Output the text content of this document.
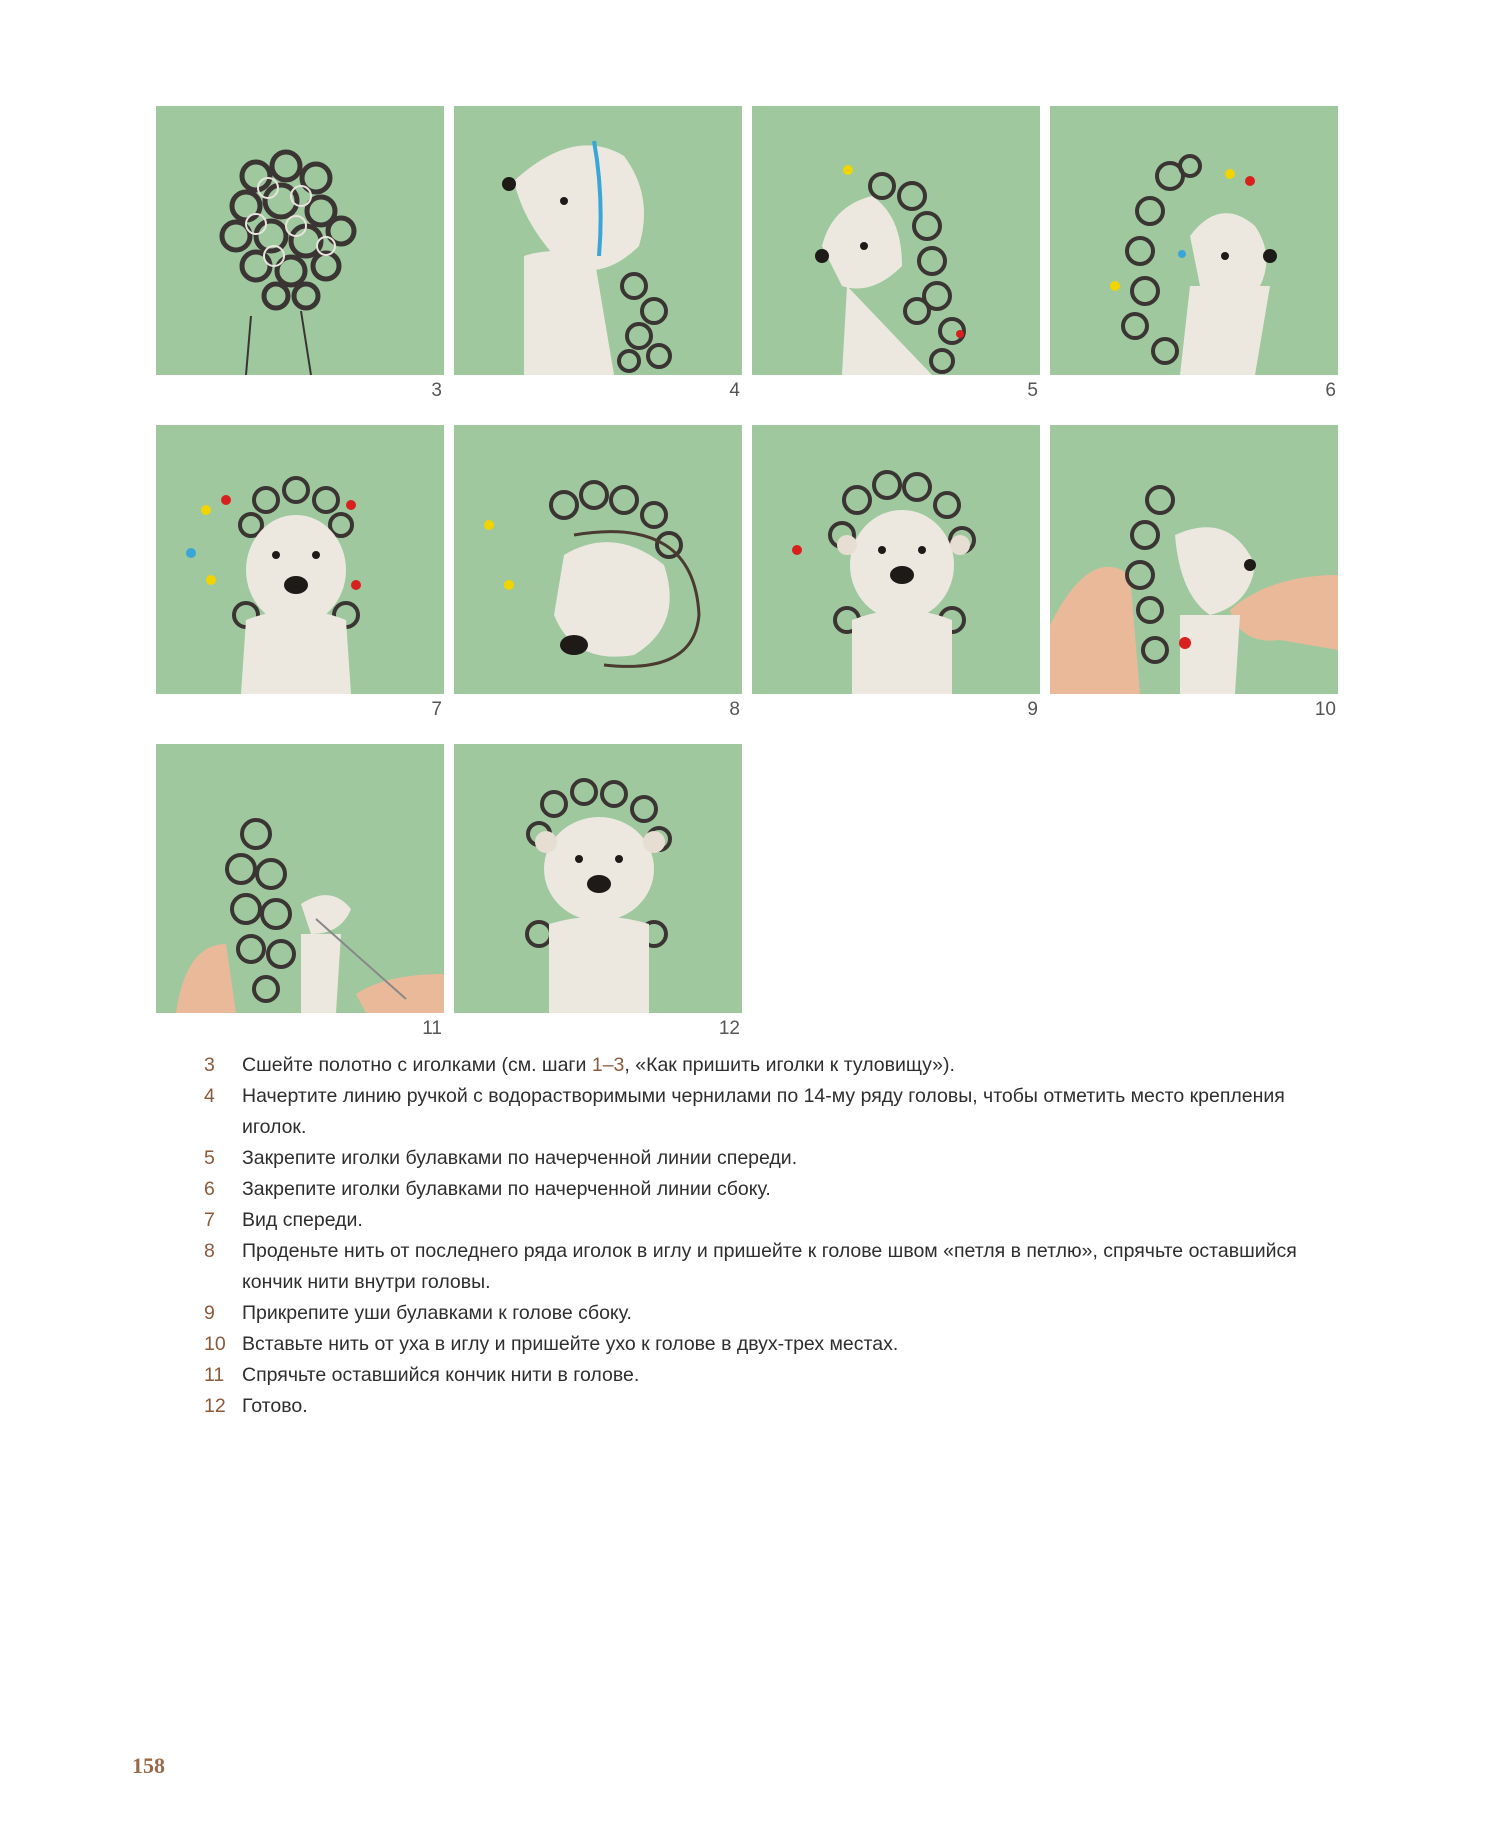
3	4	5	6
7	8	9	10
11	12
3	Сшейте полотно с иголками (см. шаги 1–3, «Как пришить иголки к туловищу»).
4	Начертите линию ручкой с водорастворимыми чернилами по 14-му ряду головы, чтобы отметить место крепления иголок.
5	Закрепите иголки булавками по начерченной линии спереди.
6	Закрепите иголки булавками по начерченной линии сбоку.
7	Вид спереди.
8	Проденьте нить от последнего ряда иголок в иглу и пришейте к голове швом «петля в петлю», спрячьте оставшийся кончик нити внутри головы.
9	Прикрепите уши булавками к голове сбоку.
10 Вставьте нить от уха в иглу и пришейте ухо к голове в двух-трех местах.
11 Спрячьте оставшийся кончик нити в голове.
12 Готово.
158
